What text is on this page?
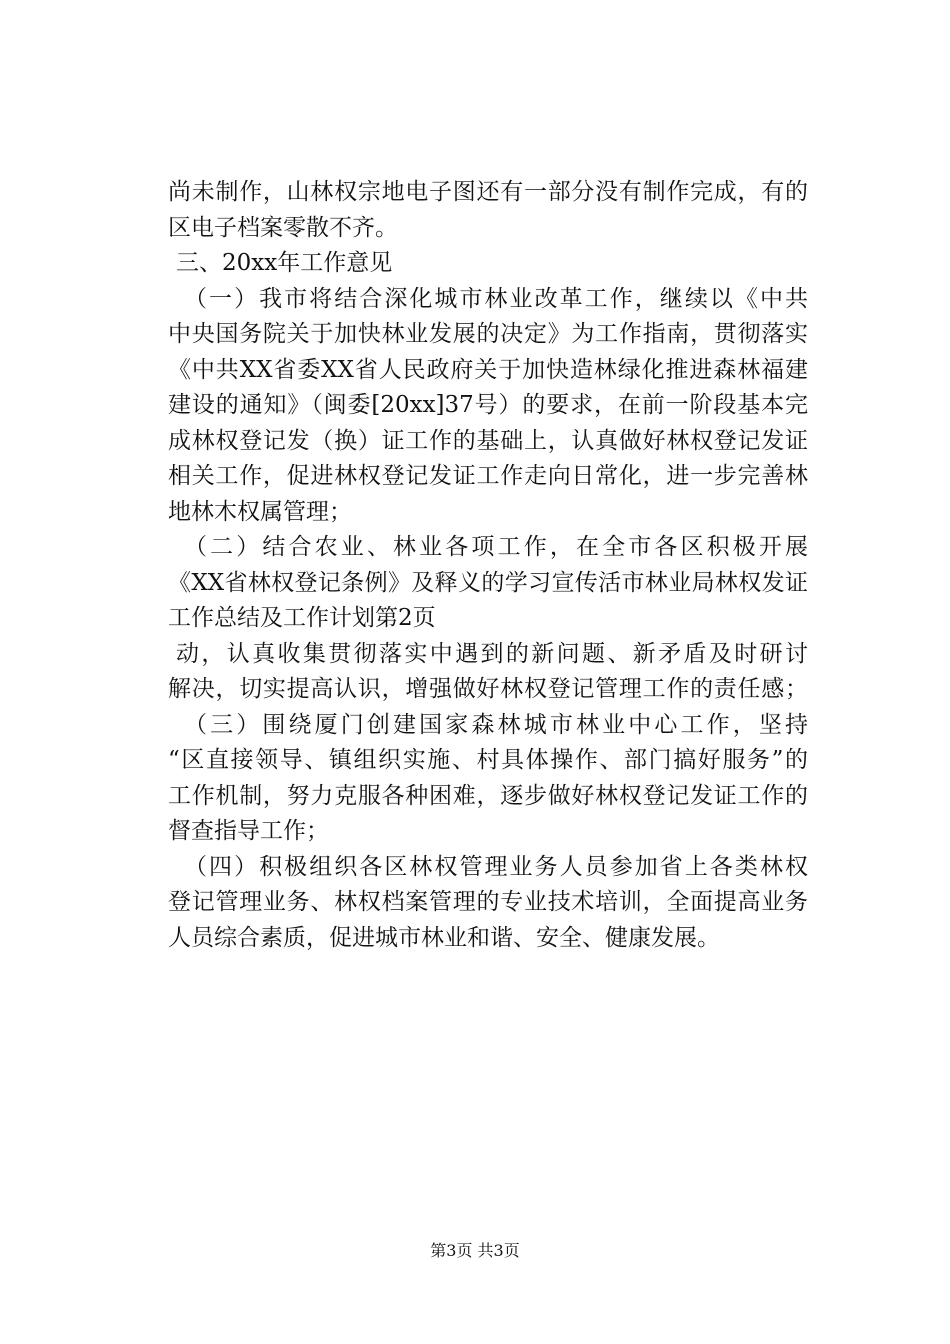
尚未制作，山林权宗地电子图还有一部分没有制作完成，有的
区电子档案零散不齐。
三、20xx年工作意见
（一）我市将结合深化城市林业改革工作，继续以《中共
中央国务院关于加快林业发展的决定》为工作指南，贯彻落实
《中共XX省委XX省人民政府关于加快造林绿化推进森林福建
建设的通知》（闽委[20xx]37号）的要求，在前一阶段基本完
成林权登记发（换）证工作的基础上，认真做好林权登记发证
相关工作，促进林权登记发证工作走向日常化，进一步完善林
地林木权属管理；
（二）结合农业、林业各项工作，在全市各区积极开展
《XX省林权登记条例》及释义的学习宣传活市林业局林权发证
工作总结及工作计划第2页
动，认真收集贯彻落实中遇到的新问题、新矛盾及时研讨
解决，切实提高认识，增强做好林权登记管理工作的责任感；
（三）围绕厦门创建国家森林城市林业中心工作，坚持
“区直接领导、镇组织实施、村具体操作、部门搞好服务”的
工作机制，努力克服各种困难，逐步做好林权登记发证工作的
督查指导工作；
（四）积极组织各区林权管理业务人员参加省上各类林权
登记管理业务、林权档案管理的专业技术培训，全面提高业务
人员综合素质，促进城市林业和谐、安全、健康发展。
第3页 共3页
